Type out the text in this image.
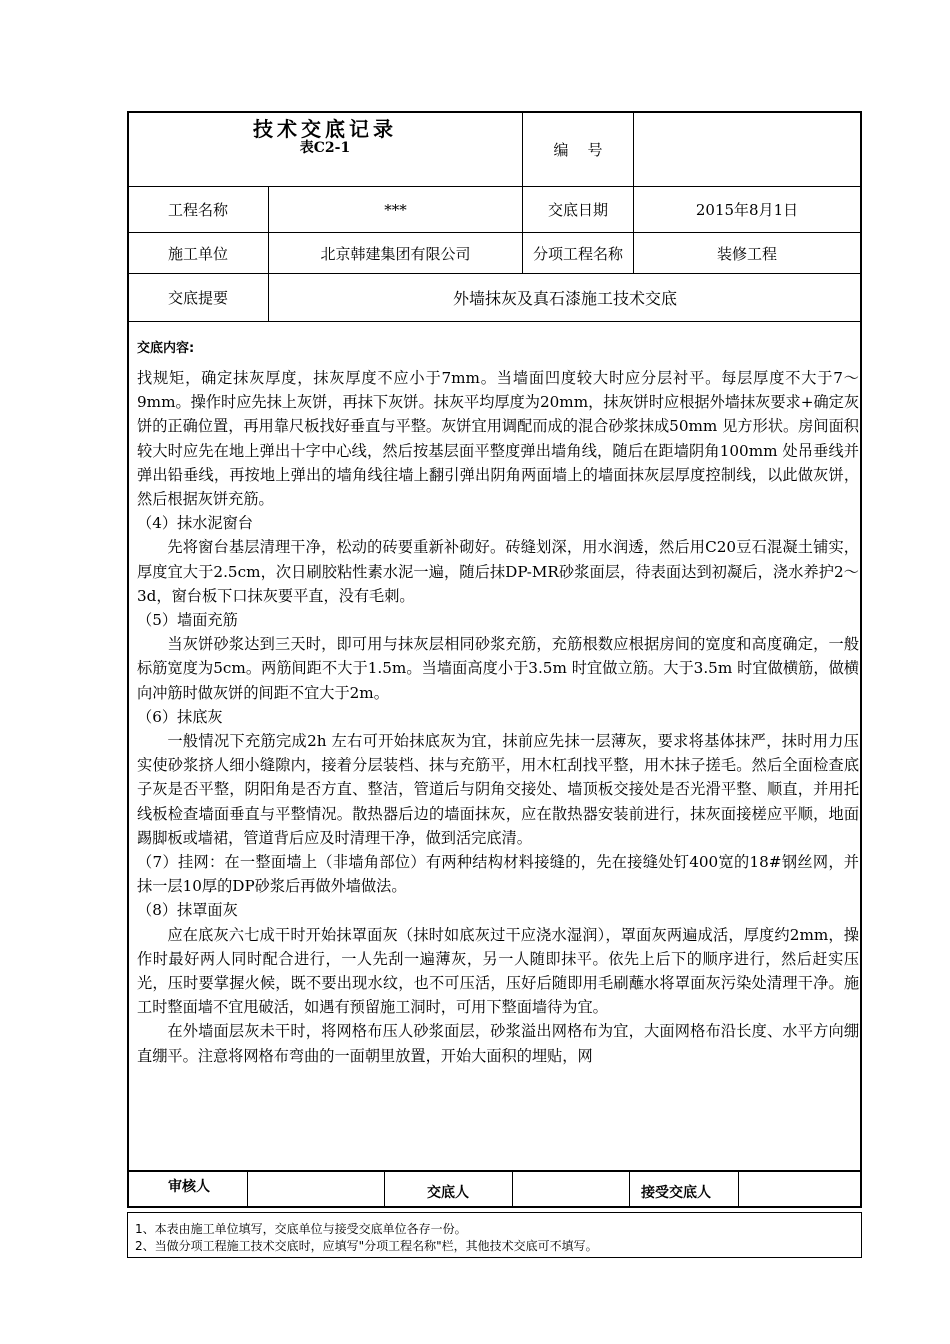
技术交底记录
表C2-1	编    号
工程名称	***	交底日期	2015年8月1日
施工单位	北京韩建集团有限公司	分项工程名称	装修工程
交底提要	外墙抹灰及真石漆施工技术交底
交底内容:

找规矩，确定抹灰厚度，抹灰厚度不应小于7mm。当墙面凹度较大时应分层衬平。每层厚度不大于7～9mm。操作时应先抹上灰饼，再抹下灰饼。抹灰平均厚度为20mm，抹灰饼时应根据外墙抹灰要求+确定灰饼的正确位置，再用靠尺板找好垂直与平整。灰饼宜用调配而成的混合砂浆抹成50mm 见方形状。房间面积较大时应先在地上弹出十字中心线，然后按基层面平整度弹出墙角线，随后在距墙阴角100mm 处吊垂线并弹出铅垂线，再按地上弹出的墙角线往墙上翻引弹出阴角两面墙上的墙面抹灰层厚度控制线，以此做灰饼，然后根据灰饼充筋。

（4）抹水泥窗台

先将窗台基层清理干净，松动的砖要重新补砌好。砖缝划深，用水润透，然后用C20豆石混凝土铺实，厚度宜大于2.5cm，次日刷胶粘性素水泥一遍，随后抹DP-MR砂浆面层，待表面达到初凝后，浇水养护2～3d，窗台板下口抹灰要平直，没有毛刺。

（5）墙面充筋

当灰饼砂浆达到三天时，即可用与抹灰层相同砂浆充筋，充筋根数应根据房间的宽度和高度确定，一般标筋宽度为5cm。两筋间距不大于1.5m。当墙面高度小于3.5m 时宜做立筋。大于3.5m 时宜做横筋，做横向冲筋时做灰饼的间距不宜大于2m。

（6）抹底灰

一般情况下充筋完成2h 左右可开始抹底灰为宜，抹前应先抹一层薄灰，要求将基体抹严，抹时用力压实使砂浆挤人细小缝隙内，接着分层装档、抹与充筋平，用木杠刮找平整，用木抹子搓毛。然后全面检查底子灰是否平整，阴阳角是否方直、整洁，管道后与阴角交接处、墙顶板交接处是否光滑平整、顺直，并用托线板检查墙面垂直与平整情况。散热器后边的墙面抹灰，应在散热器安装前进行，抹灰面接槎应平顺，地面踢脚板或墙裙，管道背后应及时清理干净，做到活完底清。

（7）挂网：在一整面墙上（非墙角部位）有两种结构材料接缝的，先在接缝处钉400宽的18#钢丝网，并抹一层10厚的DP砂浆后再做外墙做法。

（8）抹罩面灰

应在底灰六七成干时开始抹罩面灰（抹时如底灰过干应浇水湿润），罩面灰两遍成活，厚度约2mm，操作时最好两人同时配合进行，一人先刮一遍薄灰，另一人随即抹平。依先上后下的顺序进行，然后赶实压光，压时要掌握火候，既不要出现水纹，也不可压活，压好后随即用毛刷蘸水将罩面灰污染处清理干净。施工时整面墙不宜甩破活，如遇有预留施工洞时，可用下整面墙待为宜。

在外墙面层灰未干时，将网格布压人砂浆面层，砂浆溢出网格布为宜，大面网格布沿长度、水平方向绷直绷平。注意将网格布弯曲的一面朝里放置，开始大面积的埋贴，网

审核人	交底人	接受交底人
1、本表由施工单位填写，交底单位与接受交底单位各存一份。
2、当做分项工程施工技术交底时，应填写"分项工程名称"栏，其他技术交底可不填写。
